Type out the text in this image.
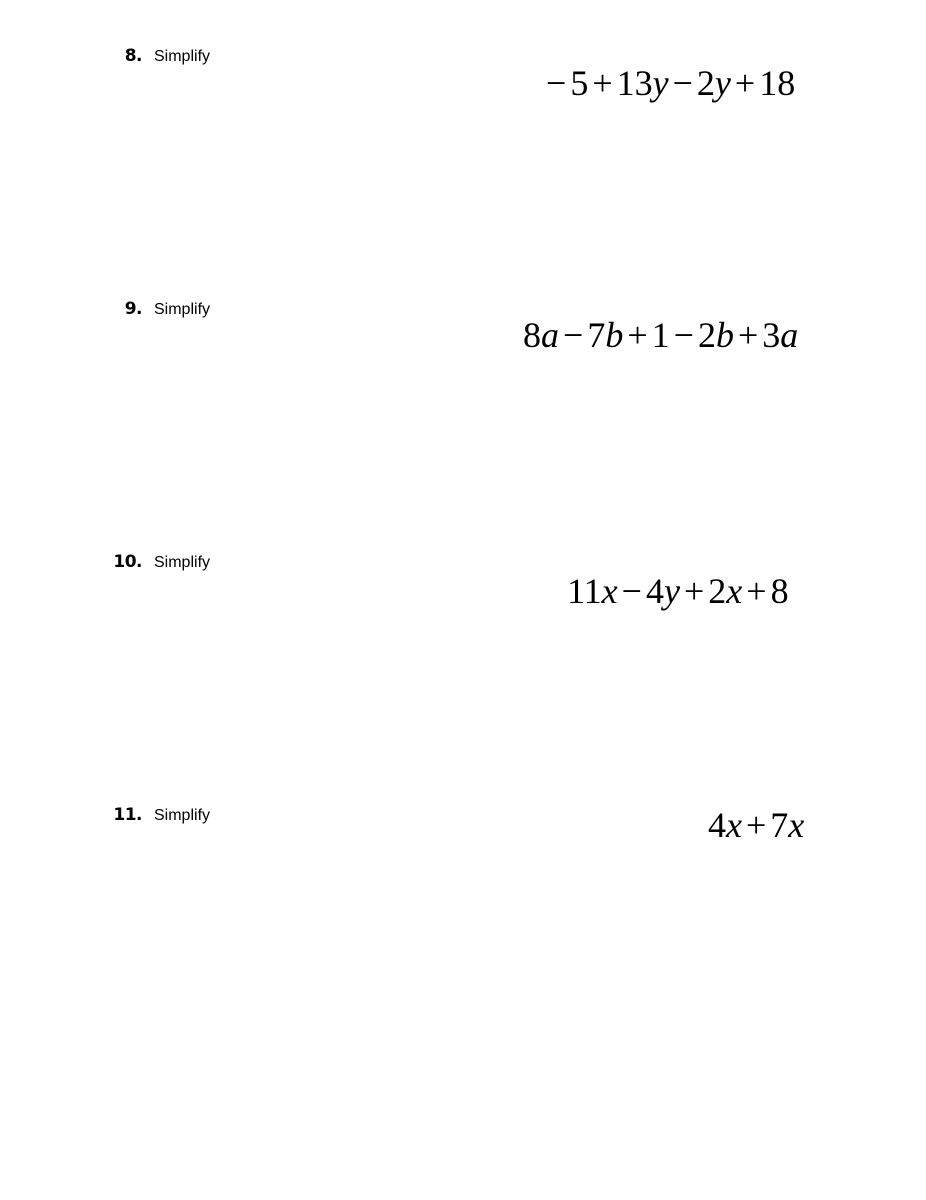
8. Simplify
− 5 + 13y − 2y + 18
9. Simplify
8a − 7b + 1 − 2b + 3a
10. Simplify
11x − 4y + 2x + 8
11. Simplify	4x + 7x
